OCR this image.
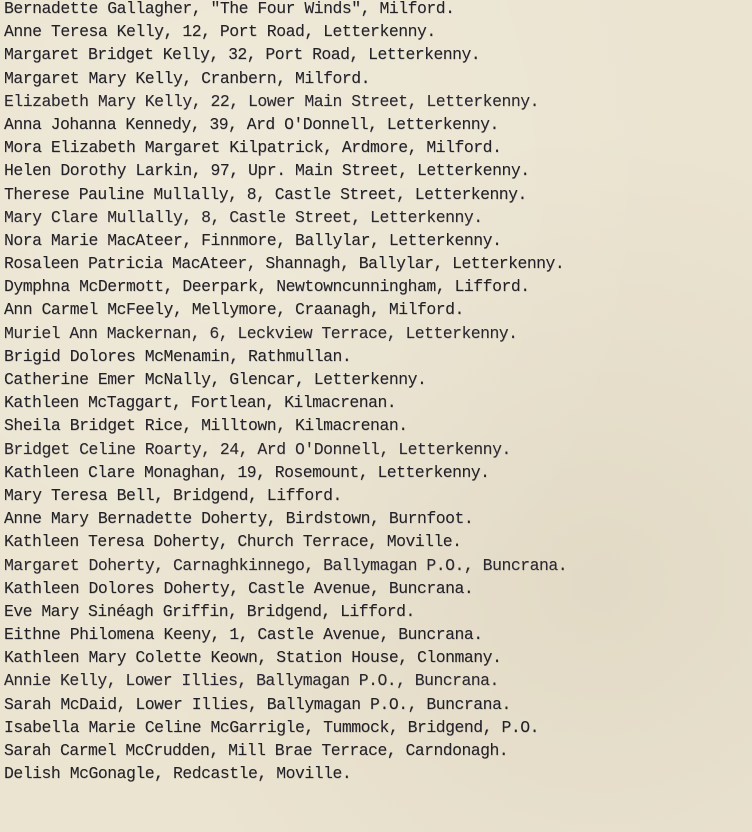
Bernadette Gallagher, "The Four Winds", Milford.
Anne Teresa Kelly, 12, Port Road, Letterkenny.
Margaret Bridget Kelly, 32, Port Road, Letterkenny.
Margaret Mary Kelly, Cranbern, Milford.
Elizabeth Mary Kelly, 22, Lower Main Street, Letterkenny.
Anna Johanna Kennedy, 39, Ard O'Donnell, Letterkenny.
Mora Elizabeth Margaret Kilpatrick, Ardmore, Milford.
Helen Dorothy Larkin, 97, Upr. Main Street, Letterkenny.
Therese Pauline Mullally, 8, Castle Street, Letterkenny.
Mary Clare Mullally, 8, Castle Street, Letterkenny.
Nora Marie MacAteer, Finnmore, Ballylar, Letterkenny.
Rosaleen Patricia MacAteer, Shannagh, Ballylar, Letterkenny.
Dymphna McDermott, Deerpark, Newtowncunningham, Lifford.
Ann Carmel McFeely, Mellymore, Craanagh, Milford.
Muriel Ann Mackernan, 6, Leckview Terrace, Letterkenny.
Brigid Dolores McMenamin, Rathmullan.
Catherine Emer McNally, Glencar, Letterkenny.
Kathleen McTaggart, Fortlean, Kilmacrenan.
Sheila Bridget Rice, Milltown, Kilmacrenan.
Bridget Celine Roarty, 24, Ard O'Donnell, Letterkenny.
Kathleen Clare Monaghan, 19, Rosemount, Letterkenny.
Mary Teresa Bell, Bridgend, Lifford.
Anne Mary Bernadette Doherty, Birdstown, Burnfoot.
Kathleen Teresa Doherty, Church Terrace, Moville.
Margaret Doherty, Carnaghkinnego, Ballymagan P.O., Buncrana.
Kathleen Dolores Doherty, Castle Avenue, Buncrana.
Eve Mary Sinéagh Griffin, Bridgend, Lifford.
Eithne Philomena Keeny, 1, Castle Avenue, Buncrana.
Kathleen Mary Colette Keown, Station House, Clonmany.
Annie Kelly, Lower Illies, Ballymagan P.O., Buncrana.
Sarah McDaid, Lower Illies, Ballymagan P.O., Buncrana.
Isabella Marie Celine McGarrigle, Tummock, Bridgend, P.O.
Sarah Carmel McCrudden, Mill Brae Terrace, Carndonagh.
Delish McGonagle, Redcastle, Moville.
